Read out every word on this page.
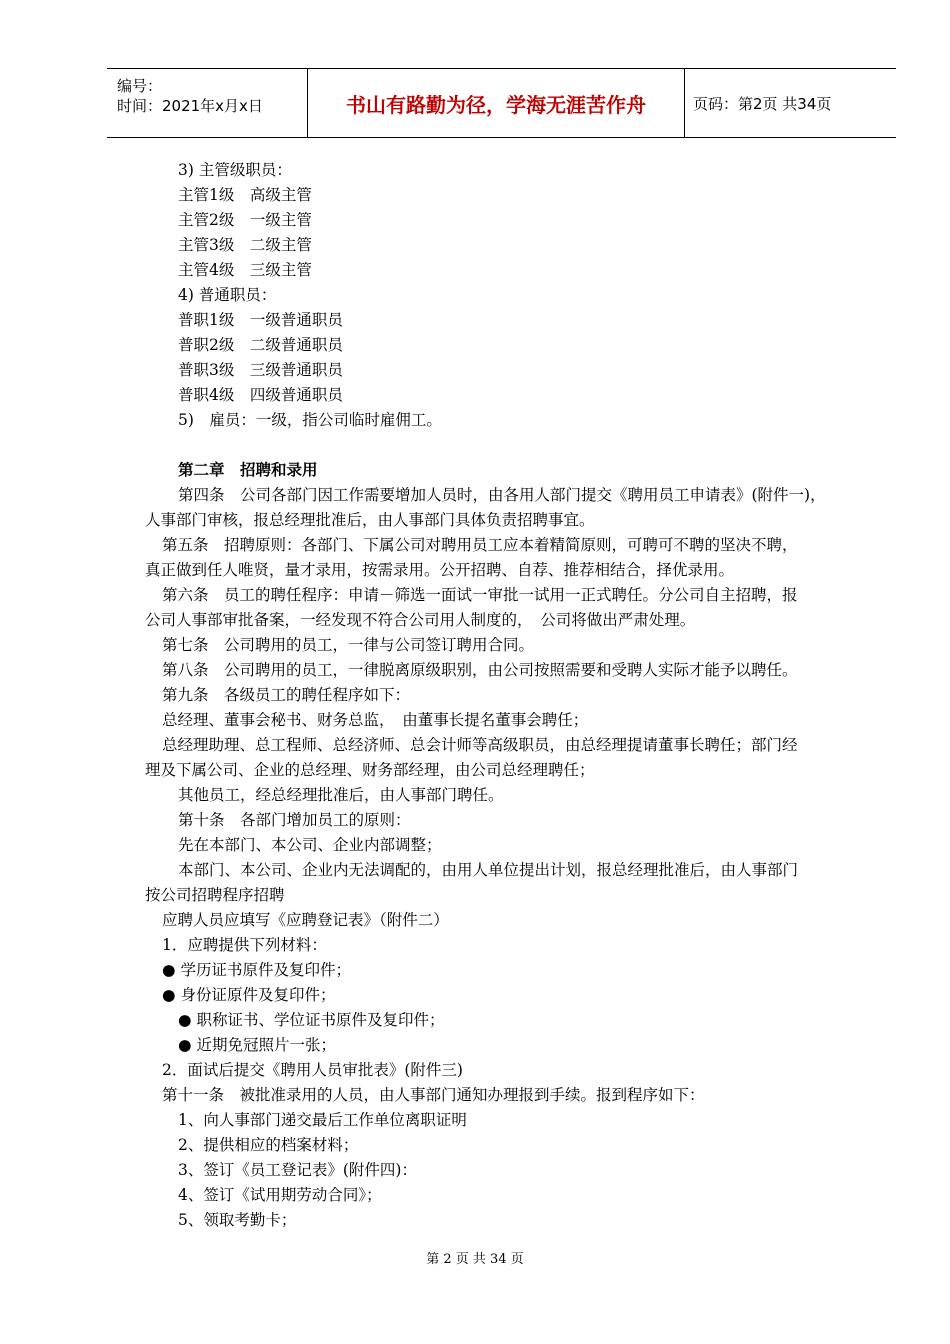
编号：
时间：2021年x月x日	书山有路勤为径，学海无涯苦作舟	页码：第2页 共34页
3) 主管级职员：
主管1级　高级主管
主管2级　一级主管
主管3级　二级主管
主管4级　三级主管
4) 普通职员：
普职1级　一级普通职员
普职2级　二级普通职员
普职3级　三级普通职员
普职4级　四级普通职员
5)　雇员：一级，指公司临时雇佣工。
第二章　招聘和录用
第四条　公司各部门因工作需要增加人员时，由各用人部门提交《聘用员工申请表》(附件一)，
人事部门审核，报总经理批准后，由人事部门具体负责招聘事宜。
第五条　招聘原则：各部门、下属公司对聘用员工应本着精简原则，可聘可不聘的坚决不聘，
真正做到任人唯贤，量才录用，按需录用。公开招聘、自荐、推荐相结合，择优录用。
第六条　员工的聘任程序：申请－筛选一面试一审批一试用一正式聘任。分公司自主招聘，报
公司人事部审批备案，一经发现不符合公司用人制度的，　公司将做出严肃处理。
第七条　公司聘用的员工，一律与公司签订聘用合同。
第八条　公司聘用的员工，一律脱离原级职别，由公司按照需要和受聘人实际才能予以聘任。
第九条　各级员工的聘任程序如下：
总经理、董事会秘书、财务总监，　由董事长提名董事会聘任；
总经理助理、总工程师、总经济师、总会计师等高级职员，由总经理提请董事长聘任；部门经
理及下属公司、企业的总经理、财务部经理，由公司总经理聘任；
其他员工，经总经理批准后，由人事部门聘任。
第十条　各部门增加员工的原则：
先在本部门、本公司、企业内部调整；
本部门、本公司、企业内无法调配的，由用人单位提出计划，报总经理批准后，由人事部门
按公司招聘程序招聘
应聘人员应填写《应聘登记表》（附件二）
1．应聘提供下列材料：
● 学历证书原件及复印件；
● 身份证原件及复印件；
● 职称证书、学位证书原件及复印件；
● 近期免冠照片一张；
2．面试后提交《聘用人员审批表》(附件三)
第十一条　被批准录用的人员，由人事部门通知办理报到手续。报到程序如下：
1、向人事部门递交最后工作单位离职证明
2、提供相应的档案材料；
3、签订《员工登记表》(附件四)：
4、签订《试用期劳动合同》；
5、领取考勤卡；
第 2 页 共 34 页
